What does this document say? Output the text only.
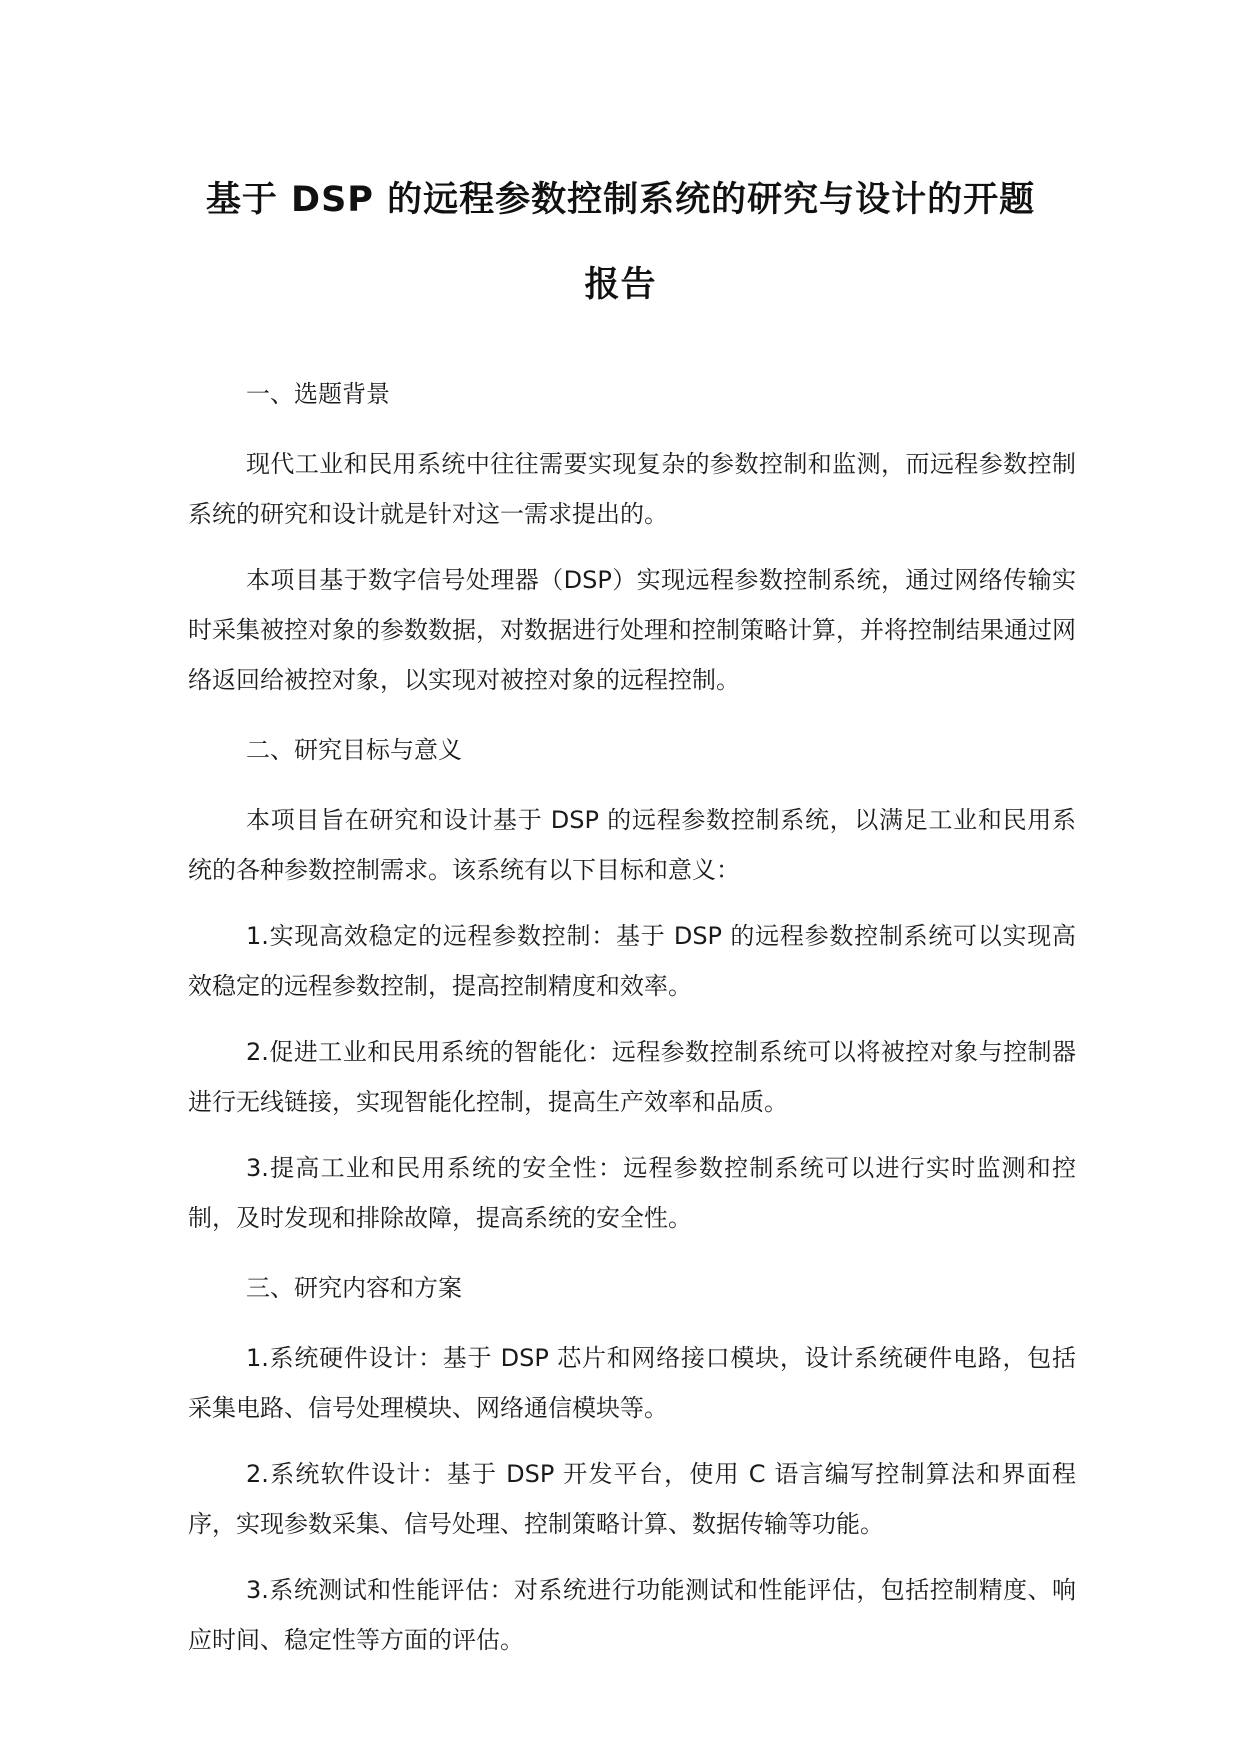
基于 DSP 的远程参数控制系统的研究与设计的开题
报告
一、选题背景

现代工业和民用系统中往往需要实现复杂的参数控制和监测，而远程参数控制系统的研究和设计就是针对这一需求提出的。

本项目基于数字信号处理器（DSP）实现远程参数控制系统，通过网络传输实时采集被控对象的参数数据，对数据进行处理和控制策略计算，并将控制结果通过网络返回给被控对象，以实现对被控对象的远程控制。

二、研究目标与意义

本项目旨在研究和设计基于 DSP 的远程参数控制系统，以满足工业和民用系统的各种参数控制需求。该系统有以下目标和意义：

1.实现高效稳定的远程参数控制：基于 DSP 的远程参数控制系统可以实现高效稳定的远程参数控制，提高控制精度和效率。

2.促进工业和民用系统的智能化：远程参数控制系统可以将被控对象与控制器进行无线链接，实现智能化控制，提高生产效率和品质。

3.提高工业和民用系统的安全性：远程参数控制系统可以进行实时监测和控制，及时发现和排除故障，提高系统的安全性。

三、研究内容和方案

1.系统硬件设计：基于 DSP 芯片和网络接口模块，设计系统硬件电路，包括采集电路、信号处理模块、网络通信模块等。

2.系统软件设计：基于 DSP 开发平台，使用 C 语言编写控制算法和界面程序，实现参数采集、信号处理、控制策略计算、数据传输等功能。

3.系统测试和性能评估：对系统进行功能测试和性能评估，包括控制精度、响应时间、稳定性等方面的评估。
